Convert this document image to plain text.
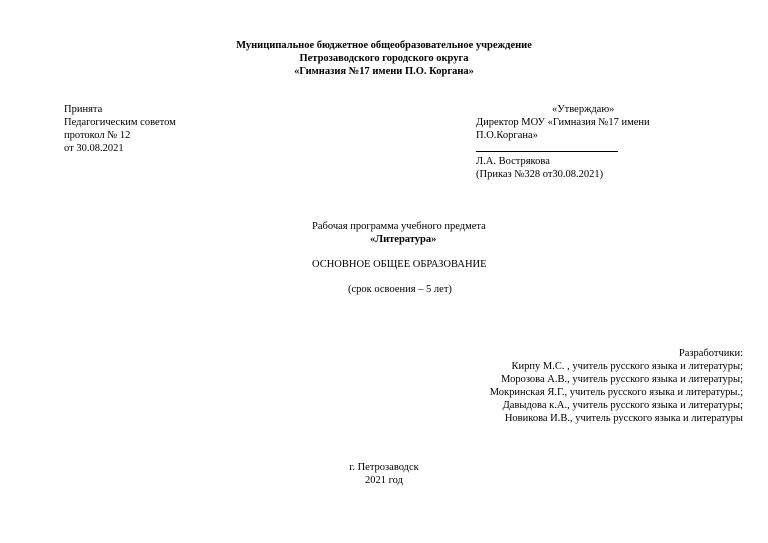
Муниципальное бюджетное общеобразовательное учреждение
Петрозаводского городского округа
«Гимназия №17 имени П.О. Коргана»
Принята
Педагогическим советом
протокол № 12
от 30.08.2021
«Утверждаю»
Директор МОУ «Гимназия №17 имени
П.О.Коргана»
Л.А. Вострякова
(Приказ №328 от30.08.2021)
Рабочая программа учебного предмета
«Литература»
ОСНОВНОЕ ОБЩЕЕ ОБРАЗОВАНИЕ
(срок освоения – 5 лет)
Разработчики:
Кирпу М.С. , учитель русского языка и литературы;
Морозова А.В., учитель русского языка и литературы;
Мокринская Я.Г., учитель русского языка и литературы.;
Давыдова к.А., учитель русского языка и литературы;
Новикова И.В., учитель русского языка и литературы
г. Петрозаводск
2021 год
